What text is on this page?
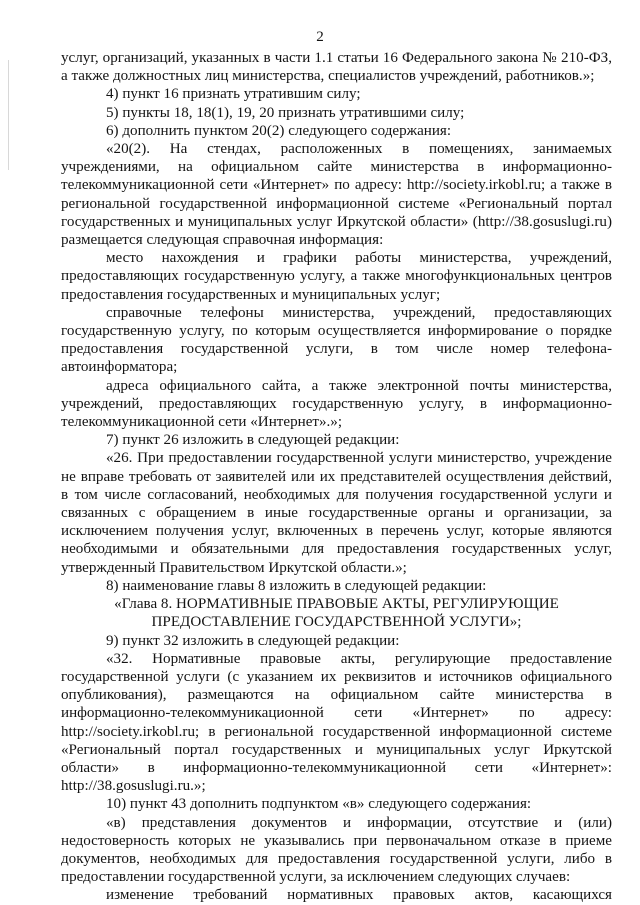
2

услуг, организаций, указанных в части 1.1 статьи 16 Федерального закона № 210-ФЗ, а также должностных лиц министерства, специалистов учреждений, работников.»;

4) пункт 16 признать утратившим силу;

5) пункты 18, 18(1), 19, 20 признать утратившими силу;

6) дополнить пунктом 20(2) следующего содержания:

«20(2). На стендах, расположенных в помещениях, занимаемых учреждениями, на официальном сайте министерства в информационно-телекоммуникационной сети «Интернет» по адресу: http://society.irkobl.ru; а также в региональной государственной информационной системе «Региональный портал государственных и муниципальных услуг Иркутской области» (http://38.gosuslugi.ru) размещается следующая справочная информация:

место нахождения и графики работы министерства, учреждений, предоставляющих государственную услугу, а также многофункциональных центров предоставления государственных и муниципальных услуг;

справочные телефоны министерства, учреждений, предоставляющих государственную услугу, по которым осуществляется информирование о порядке предоставления государственной услуги, в том числе номер телефона-автоинформатора;

адреса официального сайта, а также электронной почты министерства, учреждений, предоставляющих государственную услугу, в информационно-телекоммуникационной сети «Интернет».»;

7) пункт 26 изложить в следующей редакции:

«26. При предоставлении государственной услуги министерство, учреждение не вправе требовать от заявителей или их представителей осуществления действий, в том числе согласований, необходимых для получения государственной услуги и связанных с обращением в иные государственные органы и организации, за исключением получения услуг, включенных в перечень услуг, которые являются необходимыми и обязательными для предоставления государственных услуг, утвержденный Правительством Иркутской области.»;

8) наименование главы 8 изложить в следующей редакции:

«Глава 8. НОРМАТИВНЫЕ ПРАВОВЫЕ АКТЫ, РЕГУЛИРУЮЩИЕ ПРЕДОСТАВЛЕНИЕ ГОСУДАРСТВЕННОЙ УСЛУГИ»;

9) пункт 32 изложить в следующей редакции:

«32. Нормативные правовые акты, регулирующие предоставление государственной услуги (с указанием их реквизитов и источников официального опубликования), размещаются на официальном сайте министерства в информационно-телекоммуникационной сети «Интернет» по адресу: http://society.irkobl.ru; в региональной государственной информационной системе «Региональный портал государственных и муниципальных услуг Иркутской области» в информационно-телекоммуникационной сети «Интернет»: http://38.gosuslugi.ru.»;

10) пункт 43 дополнить подпунктом «в» следующего содержания:

«в) представления документов и информации, отсутствие и (или) недостоверность которых не указывались при первоначальном отказе в приеме документов, необходимых для предоставления государственной услуги, либо в предоставлении государственной услуги, за исключением следующих случаев:

изменение требований нормативных правовых актов, касающихся
